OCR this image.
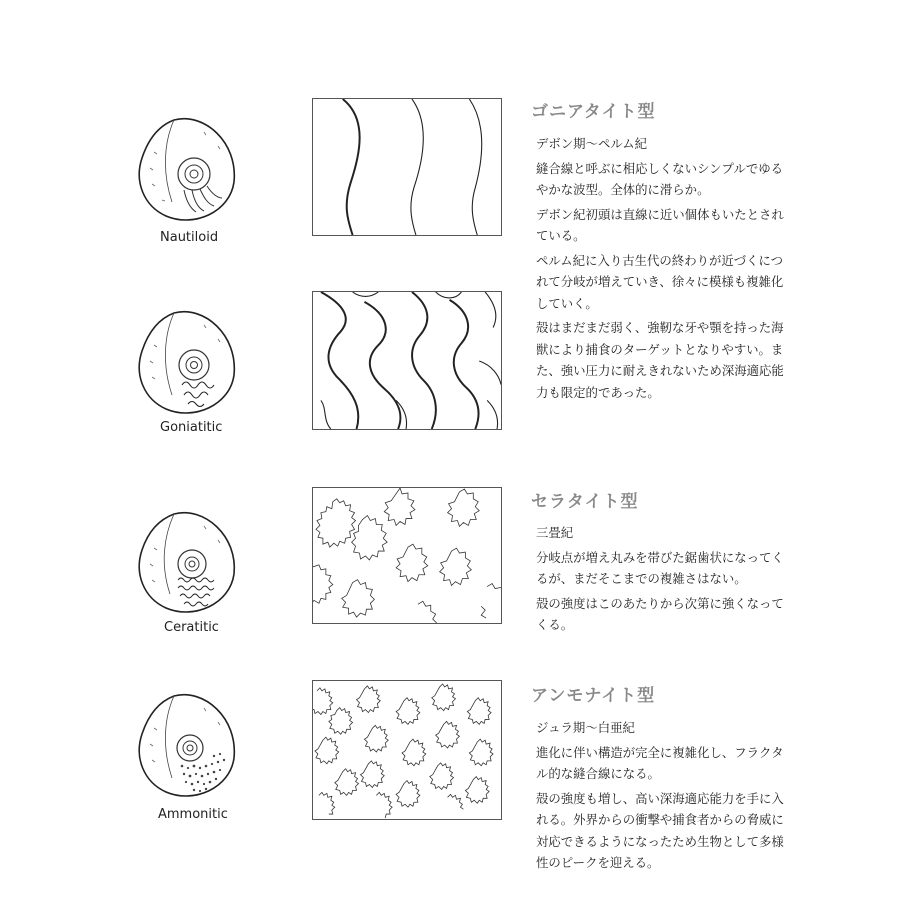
Nautiloid
Goniatitic
Ceratitic
Ammonitic
ゴニアタイト型

デボン期〜ペルム紀

縫合線と呼ぶに相応しくないシンプルでゆるやかな波型。全体的に滑らか。

デボン紀初頭は直線に近い個体もいたとされている。

ペルム紀に入り古生代の終わりが近づくにつれて分岐が増えていき、徐々に模様も複雑化していく。

殻はまだまだ弱く、強靭な牙や顎を持った海獣により捕食のターゲットとなりやすい。また、強い圧力に耐えきれないため深海適応能力も限定的であった。

セラタイト型

三畳紀

分岐点が増え丸みを帯びた鋸歯状になってくるが、まだそこまでの複雑さはない。

殻の強度はこのあたりから次第に強くなってくる。

アンモナイト型

ジュラ期〜白亜紀

進化に伴い構造が完全に複雑化し、フラクタル的な縫合線になる。

殻の強度も増し、高い深海適応能力を手に入れる。外界からの衝撃や捕食者からの脅威に対応できるようになったため生物として多様性のピークを迎える。
